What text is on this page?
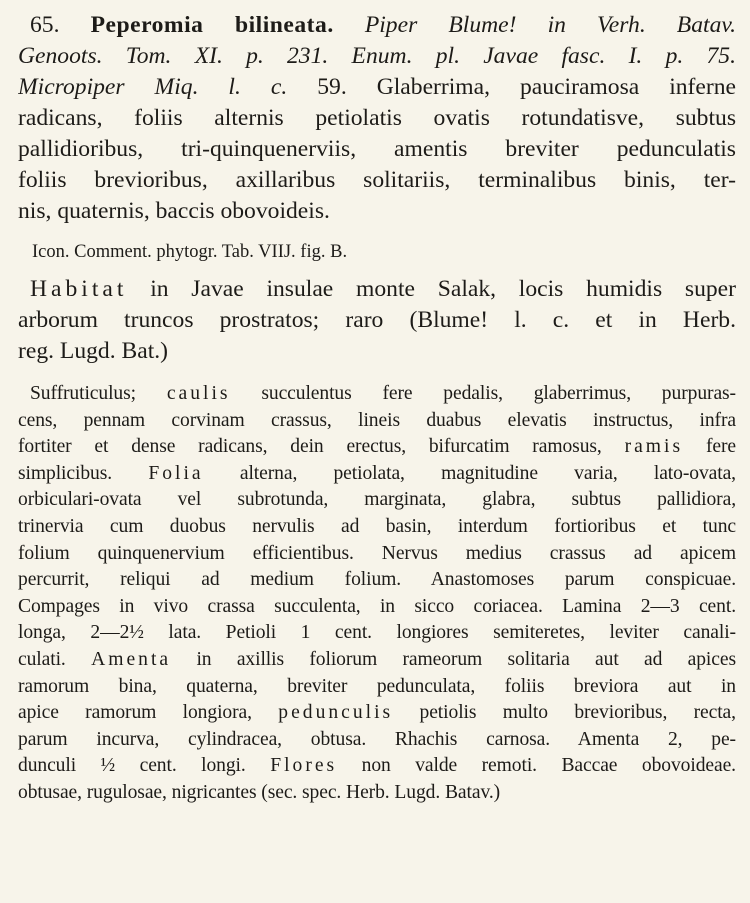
65. Peperomia bilineata. Piper Blume! in Verh. Batav.
Genoots. Tom. XI. p. 231. Enum. pl. Javae fasc. I. p. 75.
Micropiper Miq. l. c. 59. Glaberrima, pauciramosa inferne
radicans, foliis alternis petiolatis ovatis rotundatisve, subtus
pallidioribus, tri-quinquenerviis, amentis breviter pedunculatis
foliis brevioribus, axillaribus solitariis, terminalibus binis, ter-
nis, quaternis, baccis obovoideis.
Icon. Comment. phytogr. Tab. VIIJ. fig. B.
Habitat in Javae insulae monte Salak, locis humidis super
arborum truncos prostratos; raro (Blume! l. c. et in Herb.
reg. Lugd. Bat.)
Suffruticulus; caulis succulentus fere pedalis, glaberrimus, purpuras-
cens, pennam corvinam crassus, lineis duabus elevatis instructus, infra
fortiter et dense radicans, dein erectus, bifurcatim ramosus, ramis fere
simplicibus. Folia alterna, petiolata, magnitudine varia, lato-ovata,
orbiculari-ovata vel subrotunda, marginata, glabra, subtus pallidiora,
trinervia cum duobus nervulis ad basin, interdum fortioribus et tunc
folium quinquenervium efficientibus. Nervus medius crassus ad apicem
percurrit, reliqui ad medium folium. Anastomoses parum conspicuae.
Compages in vivo crassa succulenta, in sicco coriacea. Lamina 2—3 cent.
longa, 2—2½ lata. Petioli 1 cent. longiores semiteretes, leviter canali-
culati. Amenta in axillis foliorum rameorum solitaria aut ad apices
ramorum bina, quaterna, breviter pedunculata, foliis breviora aut in
apice ramorum longiora, pedunculis petiolis multo brevioribus, recta,
parum incurva, cylindracea, obtusa. Rhachis carnosa. Amenta 2, pe-
dunculi ½ cent. longi. Flores non valde remoti. Baccae obovoideae.
obtusae, rugulosae, nigricantes (sec. spec. Herb. Lugd. Batav.)
